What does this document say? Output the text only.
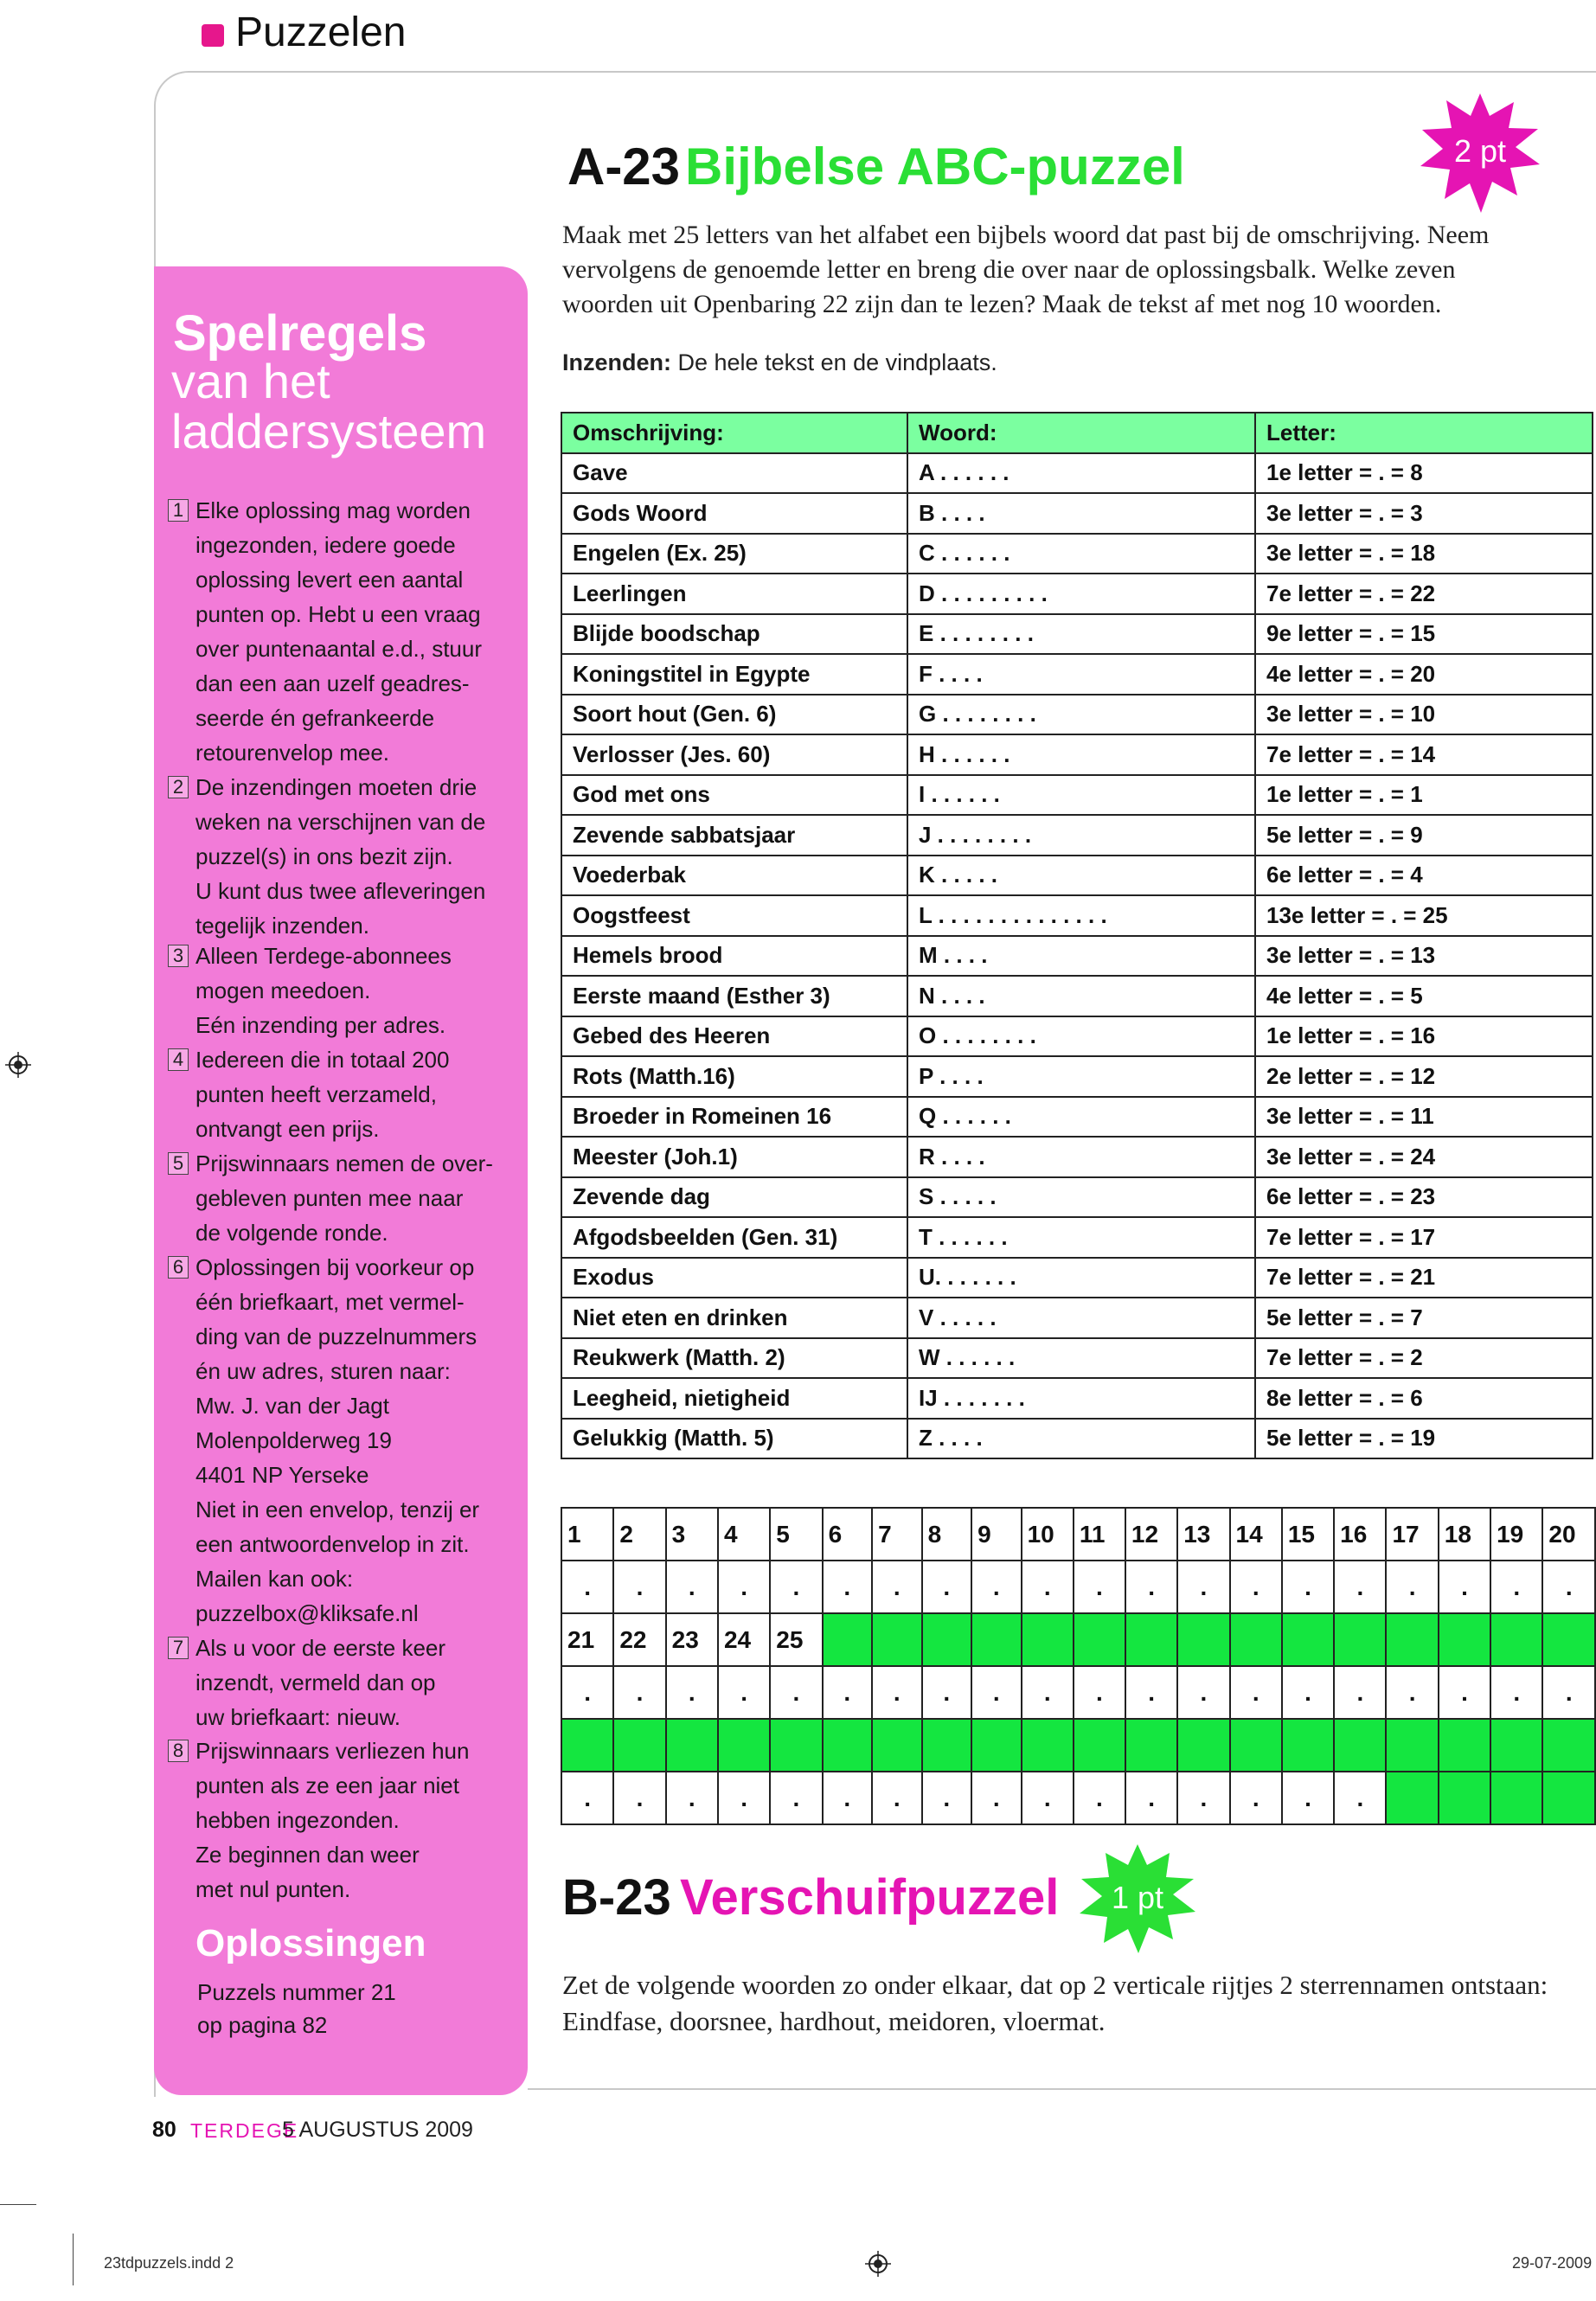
Puzzelen
Spelregels
van het
laddersysteem
1 Elke oplossing mag worden
ingezonden, iedere goede
oplossing levert een aantal
punten op. Hebt u een vraag
over puntenaantal e.d., stuur
dan een aan uzelf geadres-
seerde én gefrankeerde
retourenvelop mee.
2 De inzendingen moeten drie
weken na verschijnen van de
puzzel(s) in ons bezit zijn.
U kunt dus twee afleveringen
tegelijk inzenden.
3 Alleen Terdege-abonnees
mogen meedoen.
Eén inzending per adres.
4 Iedereen die in totaal 200
punten heeft verzameld,
ontvangt een prijs.
5 Prijswinnaars nemen de over-
gebleven punten mee naar
de volgende ronde.
6 Oplossingen bij voorkeur op
één briefkaart, met vermel-
ding van de puzzelnummers
én uw adres, sturen naar:
Mw. J. van der Jagt
Molenpolderweg 19
4401 NP Yerseke
Niet in een envelop, tenzij er
een antwoordenvelop in zit.
Mailen kan ook:
puzzelbox@kliksafe.nl
7 Als u voor de eerste keer
inzendt, vermeld dan op
uw briefkaart: nieuw.
8 Prijswinnaars verliezen hun
punten als ze een jaar niet
hebben ingezonden.
Ze beginnen dan weer
met nul punten.
Oplossingen
Puzzels nummer 21
op pagina 82
A-23 Bijbelse ABC-puzzel	2 pt
Maak met 25 letters van het alfabet een bijbels woord dat past bij de omschrijving. Neem vervolgens de genoemde letter en breng die over naar de oplossingsbalk. Welke zeven woorden uit Openbaring 22 zijn dan te lezen? Maak de tekst af met nog 10 woorden.
Inzenden: De hele tekst en de vindplaats.
Omschrijving:	Woord:	Letter:
Gave	A . . . . . .	1e letter = . = 8
Gods Woord	B . . . .	3e letter = . = 3
Engelen (Ex. 25)	C . . . . . .	3e letter = . = 18
Leerlingen	D . . . . . . . . .	7e letter = . = 22
Blijde boodschap	E . . . . . . . .	9e letter = . = 15
Koningstitel in Egypte	F . . . .	4e letter = . = 20
Soort hout (Gen. 6)	G . . . . . . . .	3e letter = . = 10
Verlosser (Jes. 60)	H . . . . . .	7e letter = . = 14
God met ons	I . . . . . .	1e letter = . = 1
Zevende sabbatsjaar	J . . . . . . . .	5e letter = . = 9
Voederbak	K . . . . .	6e letter = . = 4
Oogstfeest	L . . . . . . . . . . . . . .	13e letter = . = 25
Hemels brood	M . . . .	3e letter = . = 13
Eerste maand (Esther 3)	N . . . .	4e letter = . = 5
Gebed des Heeren	O . . . . . . . .	1e letter = . = 16
Rots (Matth.16)	P . . . .	2e letter = . = 12
Broeder in Romeinen 16	Q . . . . . .	3e letter = . = 11
Meester (Joh.1)	R . . . .	3e letter = . = 24
Zevende dag	S . . . . .	6e letter = . = 23
Afgodsbeelden (Gen. 31)	T . . . . . .	7e letter = . = 17
Exodus	U. . . . . . .	7e letter = . = 21
Niet eten en drinken	V . . . . .	5e letter = . = 7
Reukwerk (Matth. 2)	W . . . . . .	7e letter = . = 2
Leegheid, nietigheid	IJ . . . . . . .	8e letter = . = 6
Gelukkig (Matth. 5)	Z . . . .	5e letter = . = 19
1	2	3	4	5	6	7	8	9	10	11	12	13	14	15	16	17	18	19	20
.	.	.	.	.	.	.	.	.	.	.	.	.	.	.	.	.	.	.	.
21	22	23	24	25															
.	.	.	.	.	.	.	.	.	.	.	.	.	.	.	.	.	.	.	.

.	.	.	.	.	.	.	.	.	.	.	.	.	.	.	.				
B-23 Verschuifpuzzel 1 pt
Zet de volgende woorden zo onder elkaar, dat op 2 verticale rijtjes 2 sterrennamen ontstaan: Eindfase, doorsnee, hardhout, meidoren, vloermat.
80 TERDEGE
5 AUGUSTUS 2009
23tdpuzzels.indd 2	29-07-2009
